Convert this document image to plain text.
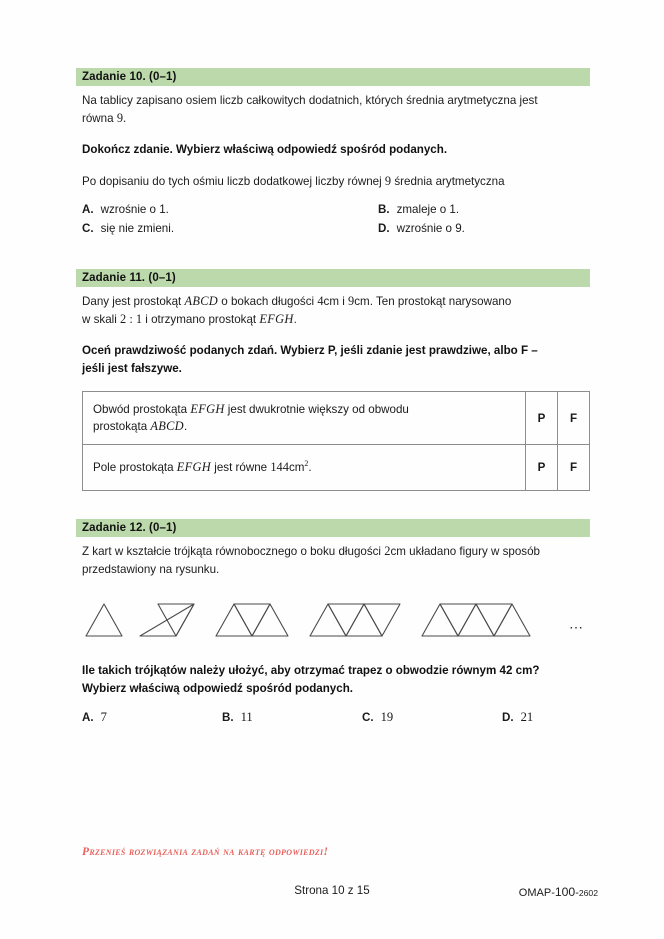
Zadanie 10. (0–1)
Na tablicy zapisano osiem liczb całkowitych dodatnich, których średnia arytmetyczna jest
równa 9.
Dokończ zdanie. Wybierz właściwą odpowiedź spośród podanych.
Po dopisaniu do tych ośmiu liczb dodatkowej liczby równej 9 średnia arytmetyczna
A. wzrośnie o 1.	B. zmaleje o 1.
C. się nie zmieni.	D. wzrośnie o 9.
Zadanie 11. (0–1)
Dany jest prostokąt ABCD o bokach długości 4cm i 9cm. Ten prostokąt narysowano
w skali 2 : 1 i otrzymano prostokąt EFGH.
Oceń prawdziwość podanych zdań. Wybierz P, jeśli zdanie jest prawdziwe, albo F –
jeśli jest fałszywe.
Obwód prostokąta EFGH jest dwukrotnie większy od obwodu
prostokąta ABCD.	P	F
Pole prostokąta EFGH jest równe $144cm^2$.	P	F
Zadanie 12. (0–1)
Z kart w kształcie trójkąta równobocznego o boku długości 2cm układano figury w sposób
przedstawiony na rysunku.
⋯
Ile takich trójkątów należy ułożyć, aby otrzymać trapez o obwodzie równym 42 cm?
Wybierz właściwą odpowiedź spośród podanych.
A. 7	B. 11	C. 19	D. 21
Przenieś rozwiązania zadań na kartę odpowiedzi!
Strona 10 z 15	OMAP-100-2602
